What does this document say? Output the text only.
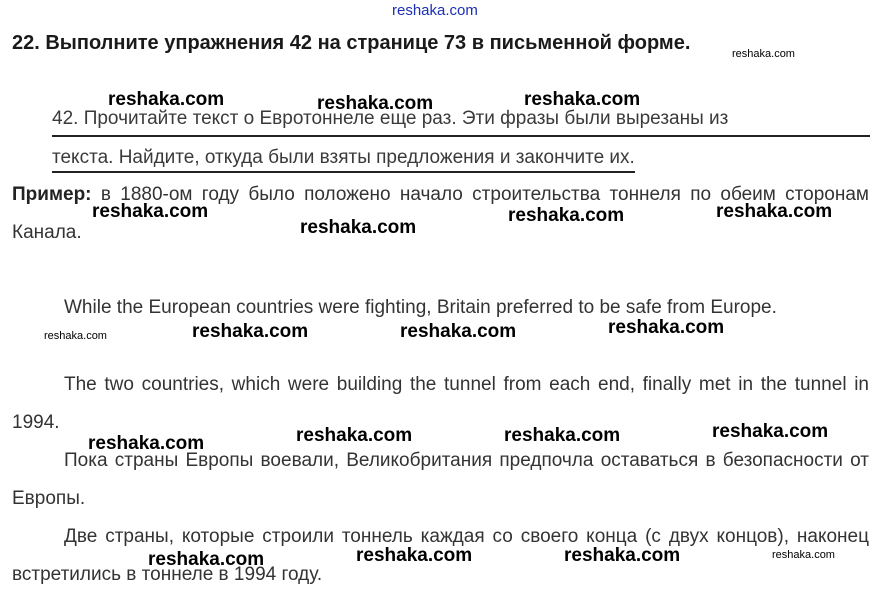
reshaka.com
22. Выполните упражнения 42 на странице 73 в письменной форме.
42. Прочитайте текст о Евротоннеле еще раз. Эти фразы были вырезаны из
текста. Найдите, откуда были взяты предложения и закончите их.
Пример: в 1880-ом году было положено начало строительства тоннеля по обеим сторонам Канала.
While the European countries were fighting, Britain preferred to be safe from Europe.
The two countries, which were building the tunnel from each end, finally met in the tunnel in 1994.
Пока страны Европы воевали, Великобритания предпочла оставаться в безопасности от Европы.
Две страны, которые строили тоннель каждая со своего конца (с двух концов), наконец встретились в тоннеле в 1994 году.
reshaka.com
reshaka.com	reshaka.com	reshaka.com
reshaka.com	reshaka.com	reshaka.com
reshaka.com
reshaka.com	reshaka.com	reshaka.com	reshaka.com
reshaka.com	reshaka.com	reshaka.com	reshaka.com
reshaka.com	reshaka.com	reshaka.com	reshaka.com
